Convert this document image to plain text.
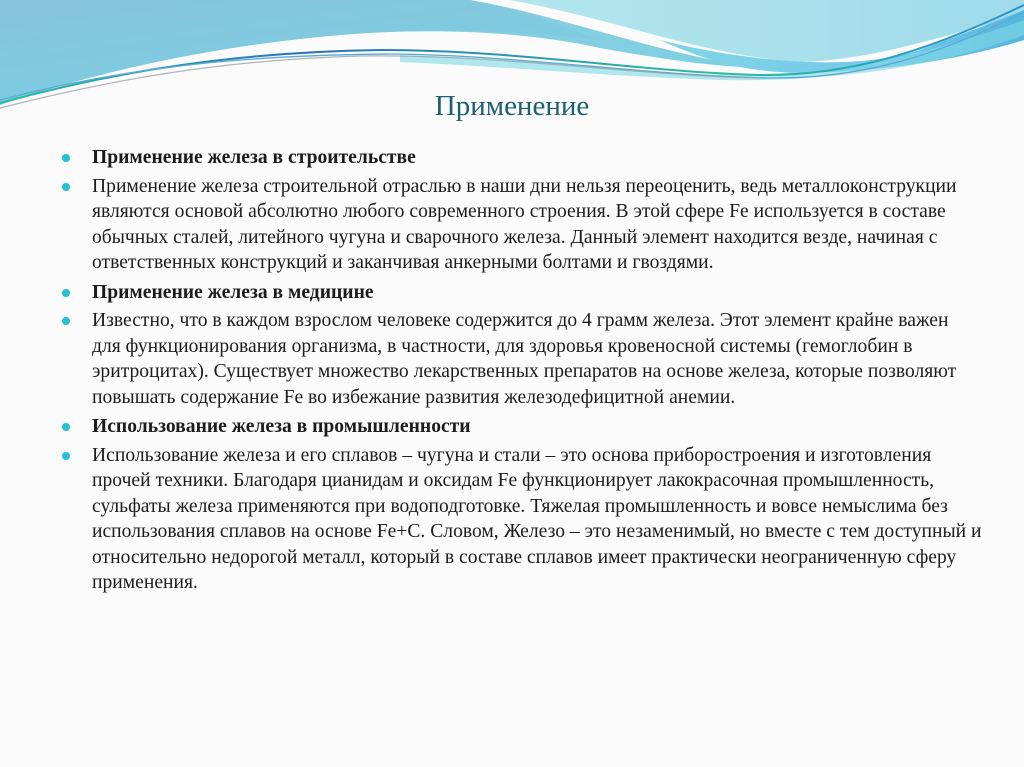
Применение
Применение железа в строительстве
Применение железа строительной отраслью в наши дни нельзя переоценить, ведь металлоконструкции являются основой абсолютно любого современного строения. В этой сфере Fe используется в составе обычных сталей, литейного чугуна и сварочного железа. Данный элемент находится везде, начиная с ответственных конструкций и заканчивая анкерными болтами и гвоздями.
Применение железа в медицине
Известно, что в каждом взрослом человеке содержится до 4 грамм железа. Этот элемент крайне важен для функционирования организма, в частности, для здоровья кровеносной системы (гемоглобин в эритроцитах). Существует множество лекарственных препаратов на основе железа, которые позволяют повышать содержание Fe во избежание развития железодефицитной анемии.
Использование железа в промышленности
Использование железа и его сплавов – чугуна и стали – это основа приборостроения и изготовления прочей техники. Благодаря цианидам и оксидам Fe функционирует лакокрасочная промышленность, сульфаты железа применяются при водоподготовке. Тяжелая промышленность и вовсе немыслима без использования сплавов на основе Fe+C. Словом, Железо – это незаменимый, но вместе с тем доступный и относительно недорогой металл, который в составе сплавов имеет практически неограниченную сферу применения.
